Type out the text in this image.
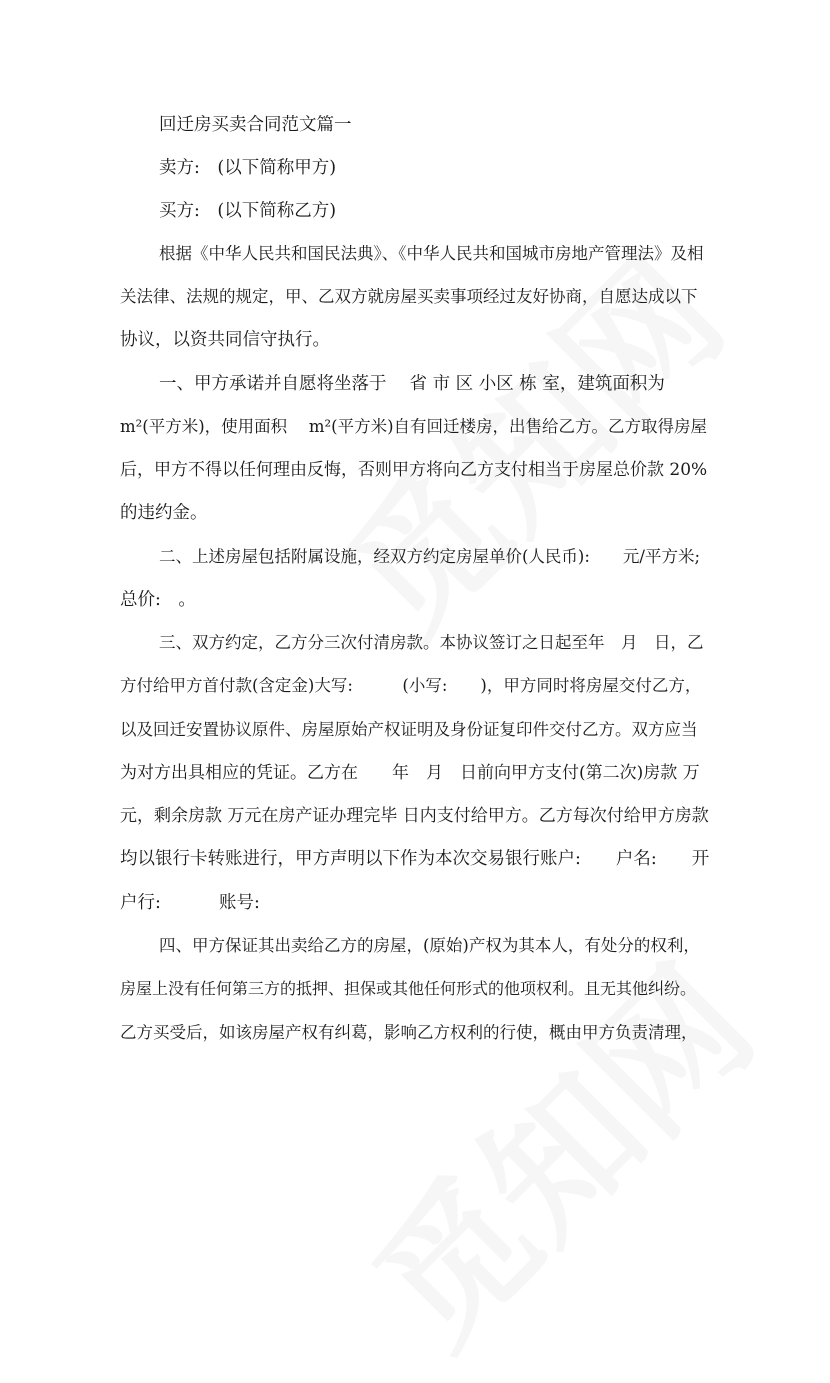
回迁房买卖合同范文篇一

卖方:　(以下简称甲方)

买方:　(以下简称乙方)

根据《中华人民共和国民法典》、《中华人民共和国城市房地产管理法》及相

关法律、法规的规定，甲、乙双方就房屋买卖事项经过友好协商，自愿达成以下

协议，以资共同信守执行。

一、甲方承诺并自愿将坐落于　 省 市 区 小区 栋 室，建筑面积为

m²(平方米)，使用面积　 m²(平方米)自有回迁楼房，出售给乙方。乙方取得房屋

后，甲方不得以任何理由反悔，否则甲方将向乙方支付相当于房屋总价款 20%

的违约金。

二、上述房屋包括附属设施，经双方约定房屋单价(人民币):　　元/平方米;

总价:　。

三、双方约定，乙方分三次付清房款。本协议签订之日起至年　月　日，乙

方付给甲方首付款(含定金)大写:　　　(小写:　　)，甲方同时将房屋交付乙方，

以及回迁安置协议原件、房屋原始产权证明及身份证复印件交付乙方。双方应当

为对方出具相应的凭证。乙方在　　年　月　日前向甲方支付(第二次)房款 万

元，剩余房款 万元在房产证办理完毕 日内支付给甲方。乙方每次付给甲方房款

均以银行卡转账进行，甲方声明以下作为本次交易银行账户:　　户名:　　开

户行:　　　 账号:

四、甲方保证其出卖给乙方的房屋，(原始)产权为其本人，有处分的权利，

房屋上没有任何第三方的抵押、担保或其他任何形式的他项权利。且无其他纠纷。

乙方买受后，如该房屋产权有纠葛，影响乙方权利的行使，概由甲方负责清理，
